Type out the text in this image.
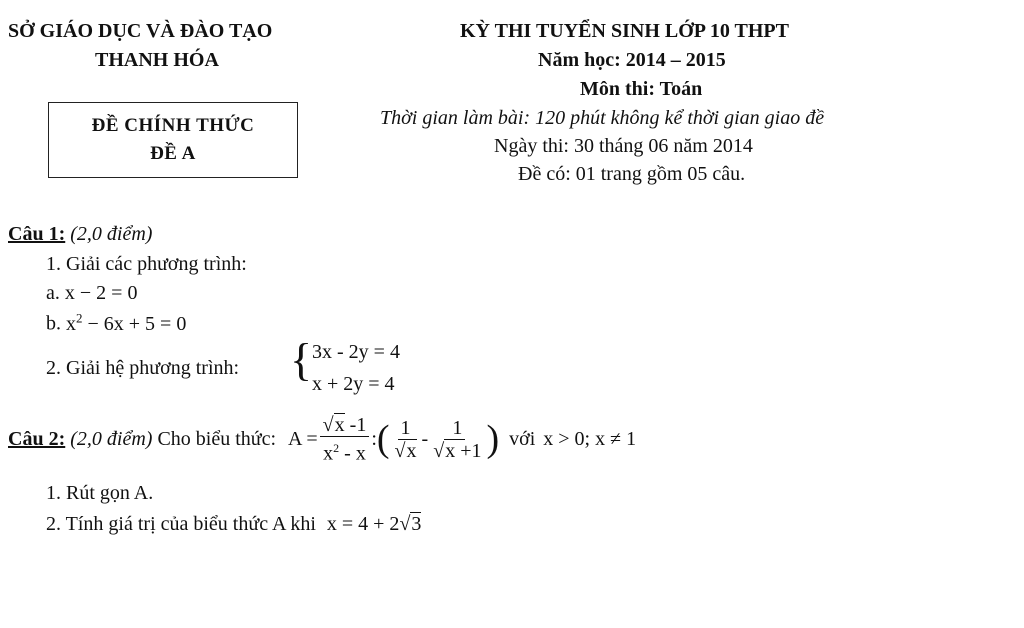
SỞ GIÁO DỤC VÀ ĐÀO TẠO
THANH HÓA
KỲ THI TUYỂN SINH LỚP 10 THPT
Năm học: 2014 – 2015
Môn thi: Toán
Thời gian làm bài: 120 phút không kể thời gian giao đề
Ngày thi: 30 tháng 06 năm 2014
Đề có: 01 trang gồm 05 câu.
ĐỀ CHÍNH THỨC
ĐỀ A
Câu 1: (2,0 điểm)
1. Giải các phương trình:
a. x − 2 = 0
b. $x^2 - 6x + 5 = 0$
2. Giải hệ phương trình: { 3x - 2y = 4
x + 2y = 4
Câu 2: (2,0 điểm) Cho biểu thức: $A = \frac{√x -1}{x^2 - x}$ : ( $\frac{1}{√x} - \frac{1}{√x +1}$ ) với x > 0; x ≠ 1
1. Rút gọn A.
2. Tính giá trị của biểu thức A khi x = 4 + 2√3
